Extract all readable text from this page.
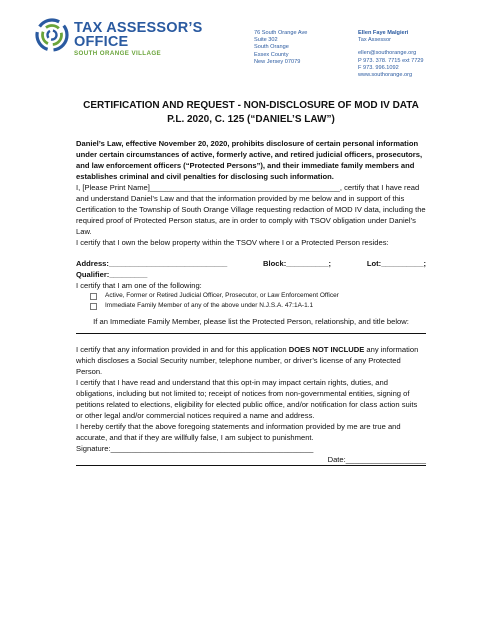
TAX ASSESSOR’S
OFFICE
SOUTH ORANGE VILLAGE
76 South Orange Ave
Suite 302
South Orange
Essex County
New Jersey 07079
Ellen Faye Malgieri
Tax Assessor
ellen@southorange.org
P 973. 378. 7715 ext 7729
F 973. 996.1092
www.southorange.org
CERTIFICATION AND REQUEST - NON-DISCLOSURE OF MOD IV DATA
P.L. 2020, C. 125 (“DANIEL’S LAW”)

Daniel’s Law, effective November 20, 2020, prohibits disclosure of certain personal information under certain circumstances of active, formerly active, and retired judicial officers, prosecutors, and law enforcement officers (“Protected Persons”), and their immediate family members and establishes criminal and civil penalties for disclosing such information.

I, [Please Print Name]_____________________________________________, certify that I have read and understand Daniel’s Law and that the information provided by me below and in support of this Certification to the Township of South Orange Village requesting redaction of MOD IV data, including the required proof of Protected Person status, are in order to comply with TSOV obligation under Daniel’s Law.

I certify that I own the below property within the TSOV where I or a Protected Person resides:

Address:____________________________	Block:__________;	Lot:__________;
Qualifier:_________

I certify that I am one of the following:

Active, Former or Retired Judicial Officer, Prosecutor, or Law Enforcement Officer
Immediate Family Member of any of the above under N.J.S.A. 47:1A-1.1

If an Immediate Family Member, please list the Protected Person, relationship, and title below:

I certify that any information provided in and for this application DOES NOT INCLUDE any information which discloses a Social Security number, telephone number, or driver’s license of any Protected Person.

I certify that I have read and understand that this opt-in may impact certain rights, duties, and obligations, including but not limited to; receipt of notices from non-governmental entities, signing of petitions related to elections, eligibility for elected public office, and/or notification for class action suits or other legal and/or commercial notices required a name and address.

I hereby certify that the above foregoing statements and information provided by me are true and accurate, and that if they are willfully false, I am subject to punishment.

Signature:________________________________________________
Date:___________________
